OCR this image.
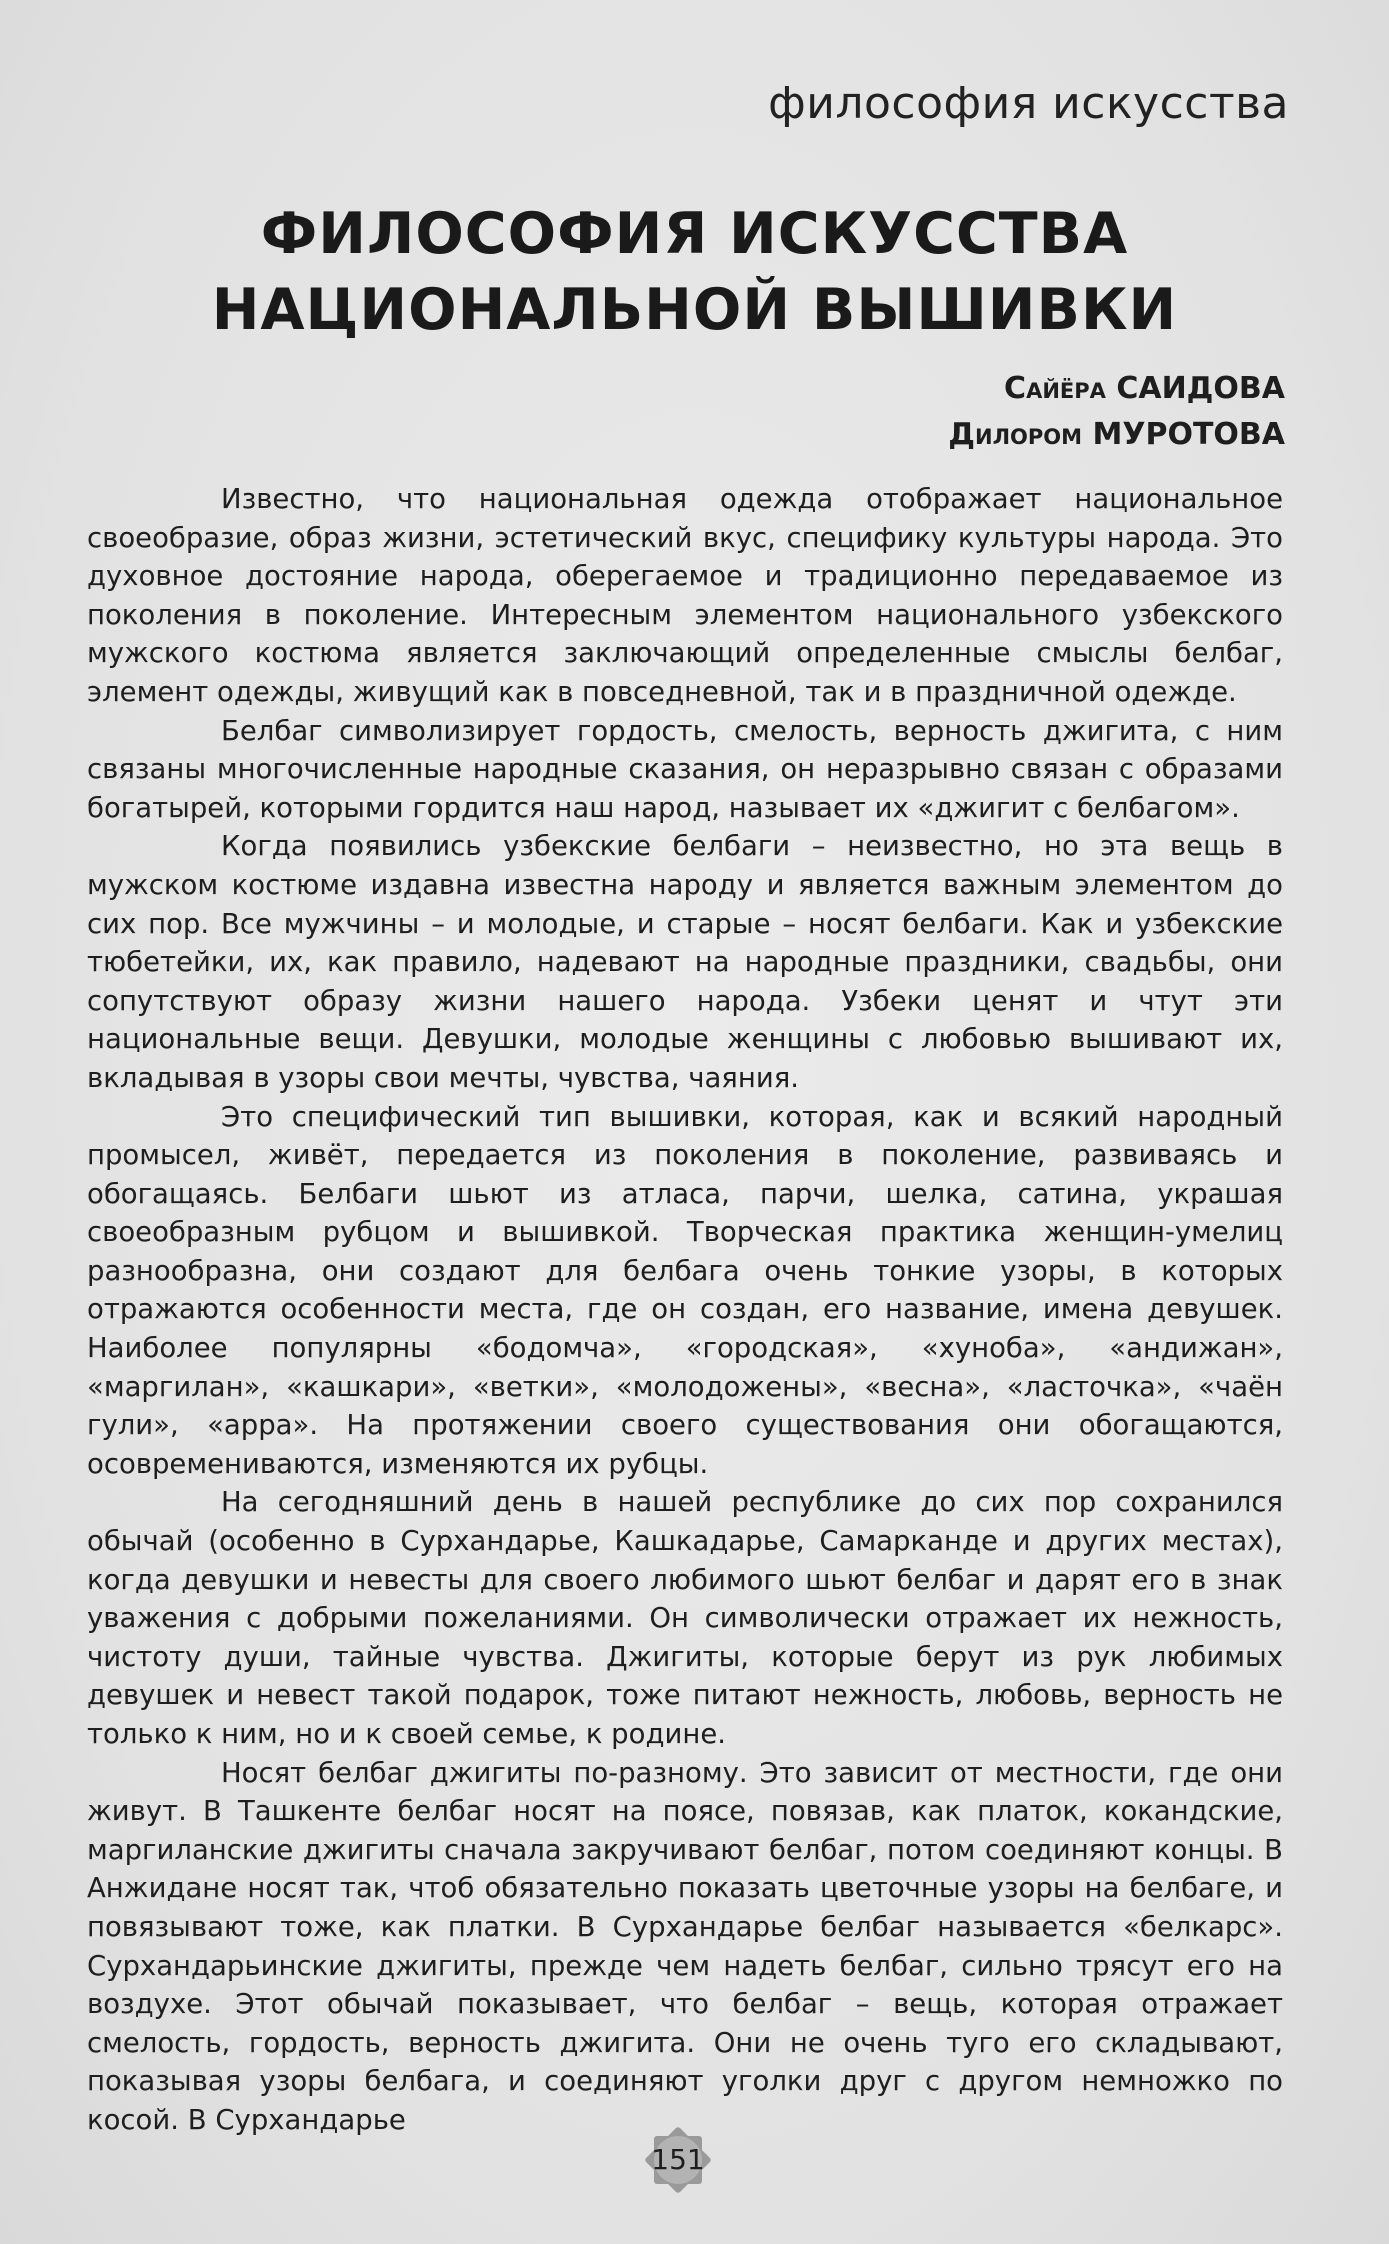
философия искусства
ФИЛОСОФИЯ ИСКУССТВА
НАЦИОНАЛЬНОЙ ВЫШИВКИ
Сайёра САИДОВА
Дилором МУРОТОВА

Известно, что национальная одежда отображает национальное своеобразие, образ жизни, эстетический вкус, специфику культуры народа. Это духовное достояние народа, оберегаемое и традиционно передаваемое из поколения в поколение. Интересным элементом национального узбекского мужского костюма является заключающий определенные смыслы белбаг, элемент одежды, живущий как в повседневной, так и в праздничной одежде.

Белбаг символизирует гордость, смелость, верность джигита, с ним связаны многочисленные народные сказания, он неразрывно связан с образами богатырей, которыми гордится наш народ, называет их «джигит с белбагом».

Когда появились узбекские белбаги – неизвестно, но эта вещь в мужском костюме издавна известна народу и является важным элементом до сих пор. Все мужчины – и молодые, и старые – носят белбаги. Как и узбекские тюбетейки, их, как правило, надевают на народные праздники, свадьбы, они сопутствуют образу жизни нашего народа. Узбеки ценят и чтут эти национальные вещи. Девушки, молодые женщины с любовью вышивают их, вкладывая в узоры свои мечты, чувства, чаяния.

Это специфический тип вышивки, которая, как и всякий народный промысел, живёт, передается из поколения в поколение, развиваясь и обогащаясь. Белбаги шьют из атласа, парчи, шелка, сатина, украшая своеобразным рубцом и вышивкой. Творческая практика женщин-умелиц разнообразна, они создают для белбага очень тонкие узоры, в которых отражаются особенности места, где он создан, его название, имена девушек. Наиболее популярны «бодомча», «городская», «хуноба», «андижан», «маргилан», «кашкари», «ветки», «молодожены», «весна», «ласточка», «чаён гули», «арра». На протяжении своего существования они обогащаются, осовремениваются, изменяются их рубцы.

На сегодняшний день в нашей республике до сих пор сохранился обычай (особенно в Сурхандарье, Кашкадарье, Самарканде и других местах), когда девушки и невесты для своего любимого шьют белбаг и дарят его в знак уважения с добрыми пожеланиями. Он символически отражает их нежность, чистоту души, тайные чувства. Джигиты, которые берут из рук любимых девушек и невест такой подарок, тоже питают нежность, любовь, верность не только к ним, но и к своей семье, к родине.

Носят белбаг джигиты по-разному. Это зависит от местности, где они живут. В Ташкенте белбаг носят на поясе, повязав, как платок, кокандские, маргиланские джигиты сначала закручивают белбаг, потом соединяют концы. В Анжидане носят так, чтоб обязательно показать цветочные узоры на белбаге, и повязывают тоже, как платки. В Сурхандарье белбаг называется «белкарс». Сурхандарьинские джигиты, прежде чем надеть белбаг, сильно трясут его на воздухе. Этот обычай показывает, что белбаг – вещь, которая отражает смелость, гордость, верность джигита. Они не очень туго его складывают, показывая узоры белбага, и соединяют уголки друг с другом немножко по косой. В Сурхандарье

151
